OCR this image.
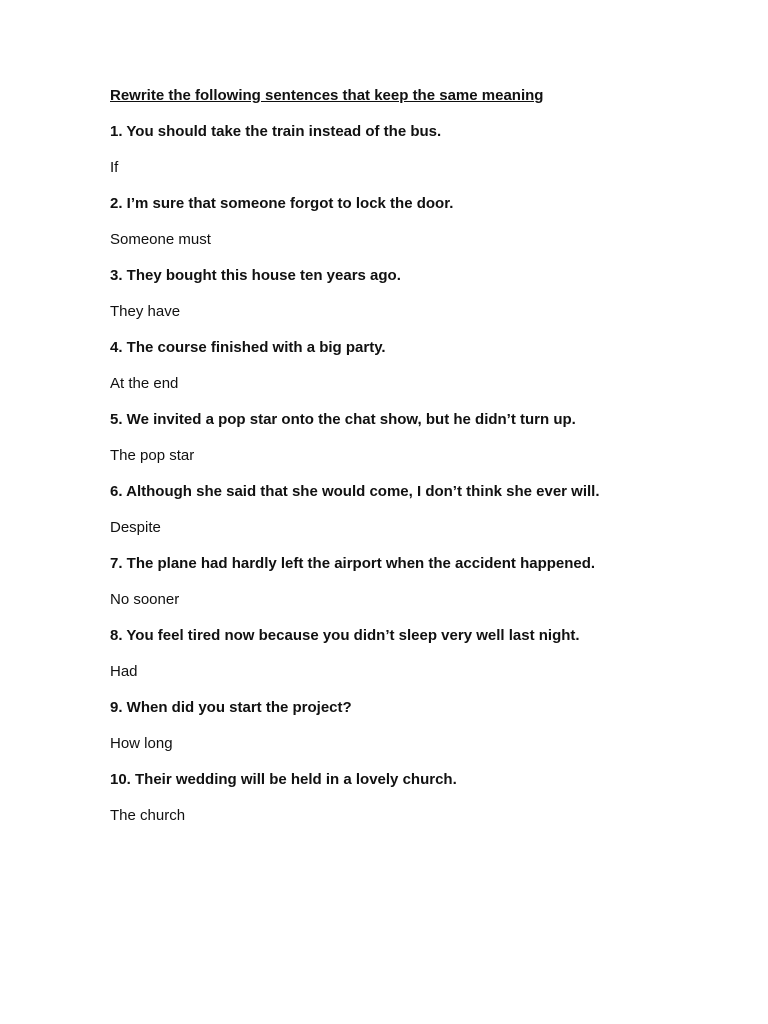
Rewrite the following sentences that keep the same meaning
1. You should take the train instead of the bus.
If
2. I’m sure that someone forgot to lock the door.
Someone must
3. They bought this house ten years ago.
They have
4. The course finished with a big party.
At the end
5. We invited a pop star onto the chat show, but he didn’t turn up.
The pop star
6. Although she said that she would come, I don’t think she ever will.
Despite
7. The plane had hardly left the airport when the accident happened.
No sooner
8. You feel tired now because you didn’t sleep very well last night.
Had
9. When did you start the project?
How long
10. Their wedding will be held in a lovely church.
The church
